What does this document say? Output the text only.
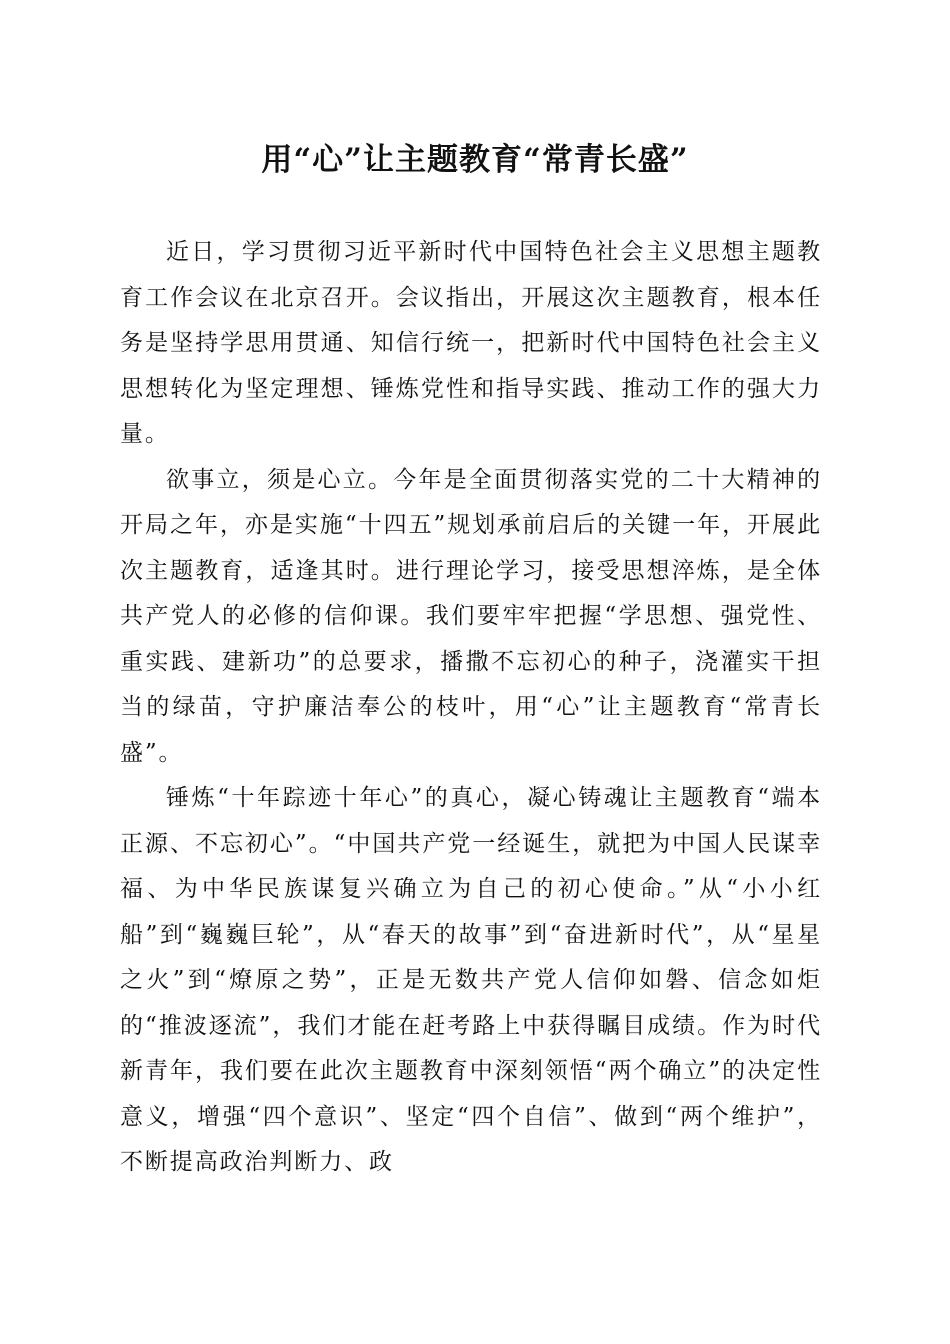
用“心”让主题教育“常青长盛”

近日，学习贯彻习近平新时代中国特色社会主义思想主题教育工作会议在北京召开。会议指出，开展这次主题教育，根本任务是坚持学思用贯通、知信行统一，把新时代中国特色社会主义思想转化为坚定理想、锤炼党性和指导实践、推动工作的强大力量。

欲事立，须是心立。今年是全面贯彻落实党的二十大精神的开局之年，亦是实施“十四五”规划承前启后的关键一年，开展此次主题教育，适逢其时。进行理论学习，接受思想淬炼，是全体共产党人的必修的信仰课。我们要牢牢把握“学思想、强党性、重实践、建新功”的总要求，播撒不忘初心的种子，浇灌实干担当的绿苗，守护廉洁奉公的枝叶，用“心”让主题教育“常青长盛”。

锤炼“十年踪迹十年心”的真心，凝心铸魂让主题教育“端本正源、不忘初心”。“中国共产党一经诞生，就把为中国人民谋幸福、为中华民族谋复兴确立为自己的初心使命。”从“小小红船”到“巍巍巨轮”，从“春天的故事”到“奋进新时代”，从“星星之火”到“燎原之势”，正是无数共产党人信仰如磐、信念如炬的“推波逐流”，我们才能在赶考路上中获得瞩目成绩。作为时代新青年，我们要在此次主题教育中深刻领悟“两个确立”的决定性意义，增强“四个意识”、坚定“四个自信”、做到“两个维护”，不断提高政治判断力、政
